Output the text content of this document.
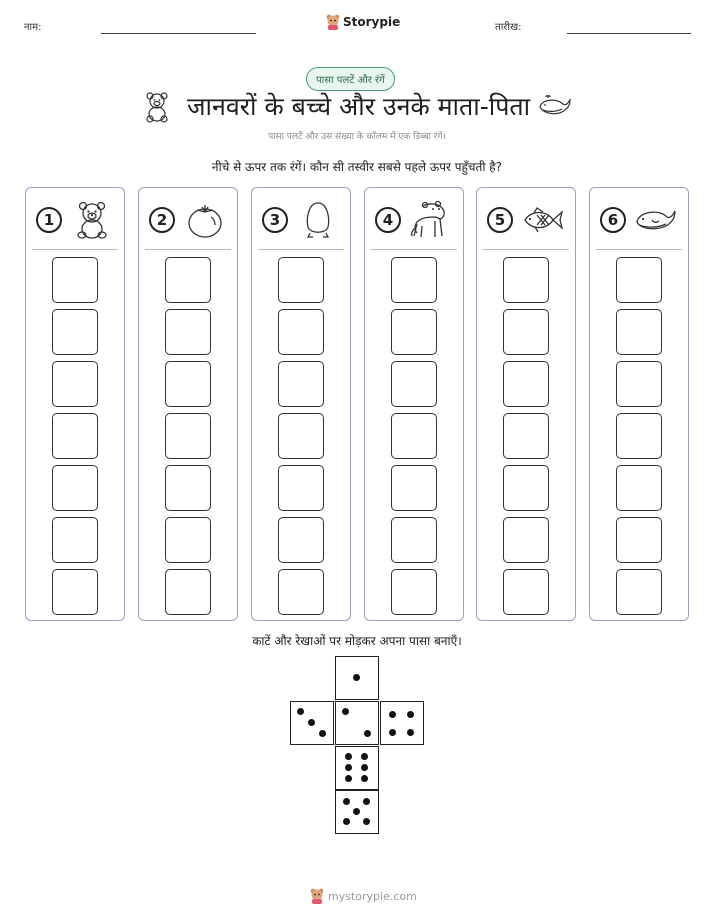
नाम:	Storypie	तारीख:
पासा पलटें और रंगें
जानवरों के बच्चे और उनके माता-पिता
पासा पलटें और उस संख्या के कॉलम में एक डिब्बा रंगें।
नीचे से ऊपर तक रंगें। कौन सी तस्वीर सबसे पहले ऊपर पहुँचती है?
1	2	3	4	5	6
काटें और रेखाओं पर मोड़कर अपना पासा बनाएँ।
mystorypie.com
